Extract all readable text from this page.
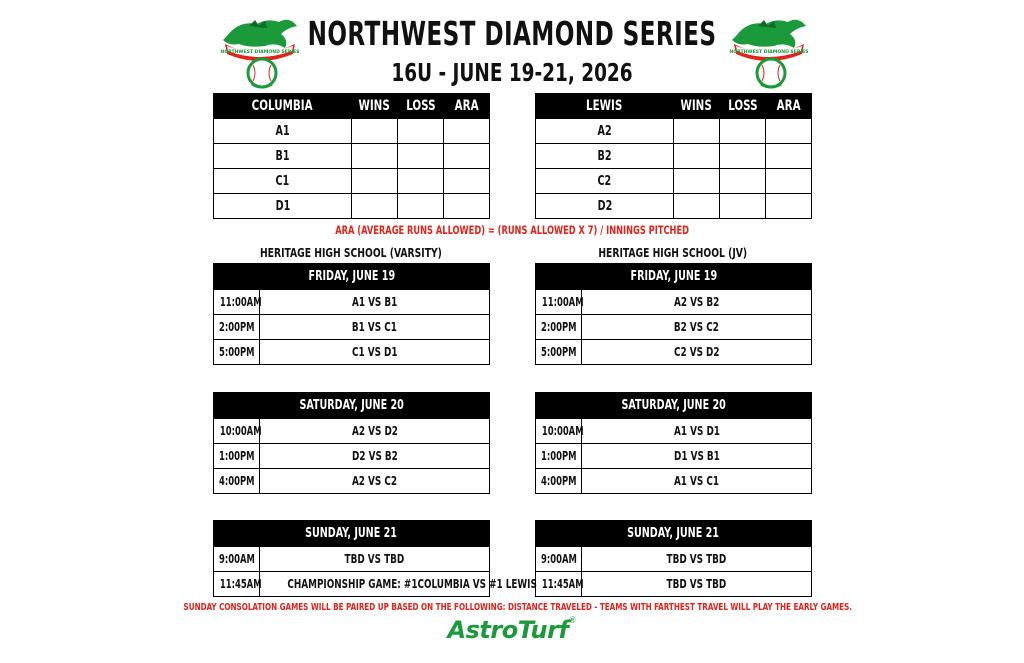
NORTHWEST DIAMOND SERIES
16U - JUNE 19-21, 2026
NORTHWEST DIAMOND SERIES	NORTHWEST DIAMOND SERIES
COLUMBIA	WINS	LOSS	ARA
A1			
B1			
C1			
D1			
LEWIS	WINS	LOSS	ARA
A2			
B2			
C2			
D2			
ARA (AVERAGE RUNS ALLOWED) = (RUNS ALLOWED X 7) / INNINGS PITCHED
HERITAGE HIGH SCHOOL (VARSITY)	HERITAGE HIGH SCHOOL (JV)
FRIDAY, JUNE 19	
11:00AM	A1 VS B1
2:00PM	B1 VS C1
5:00PM	C1 VS D1
SATURDAY, JUNE 20	
10:00AM	A2 VS D2
1:00PM	D2 VS B2
4:00PM	A2 VS C2
SUNDAY, JUNE 21	
9:00AM	TBD VS TBD
11:45AM	CHAMPIONSHIP GAME: #1COLUMBIA VS #1 LEWIS
FRIDAY, JUNE 19	
11:00AM	A2 VS B2
2:00PM	B2 VS C2
5:00PM	C2 VS D2
SATURDAY, JUNE 20	
10:00AM	A1 VS D1
1:00PM	D1 VS B1
4:00PM	A1 VS C1
SUNDAY, JUNE 21	
9:00AM	TBD VS TBD
11:45AM	TBD VS TBD
SUNDAY CONSOLATION GAMES WILL BE PAIRED UP BASED ON THE FOLLOWING: DISTANCE TRAVELED - TEAMS WITH FARTHEST TRAVEL WILL PLAY THE EARLY GAMES.
AstroTurf®
